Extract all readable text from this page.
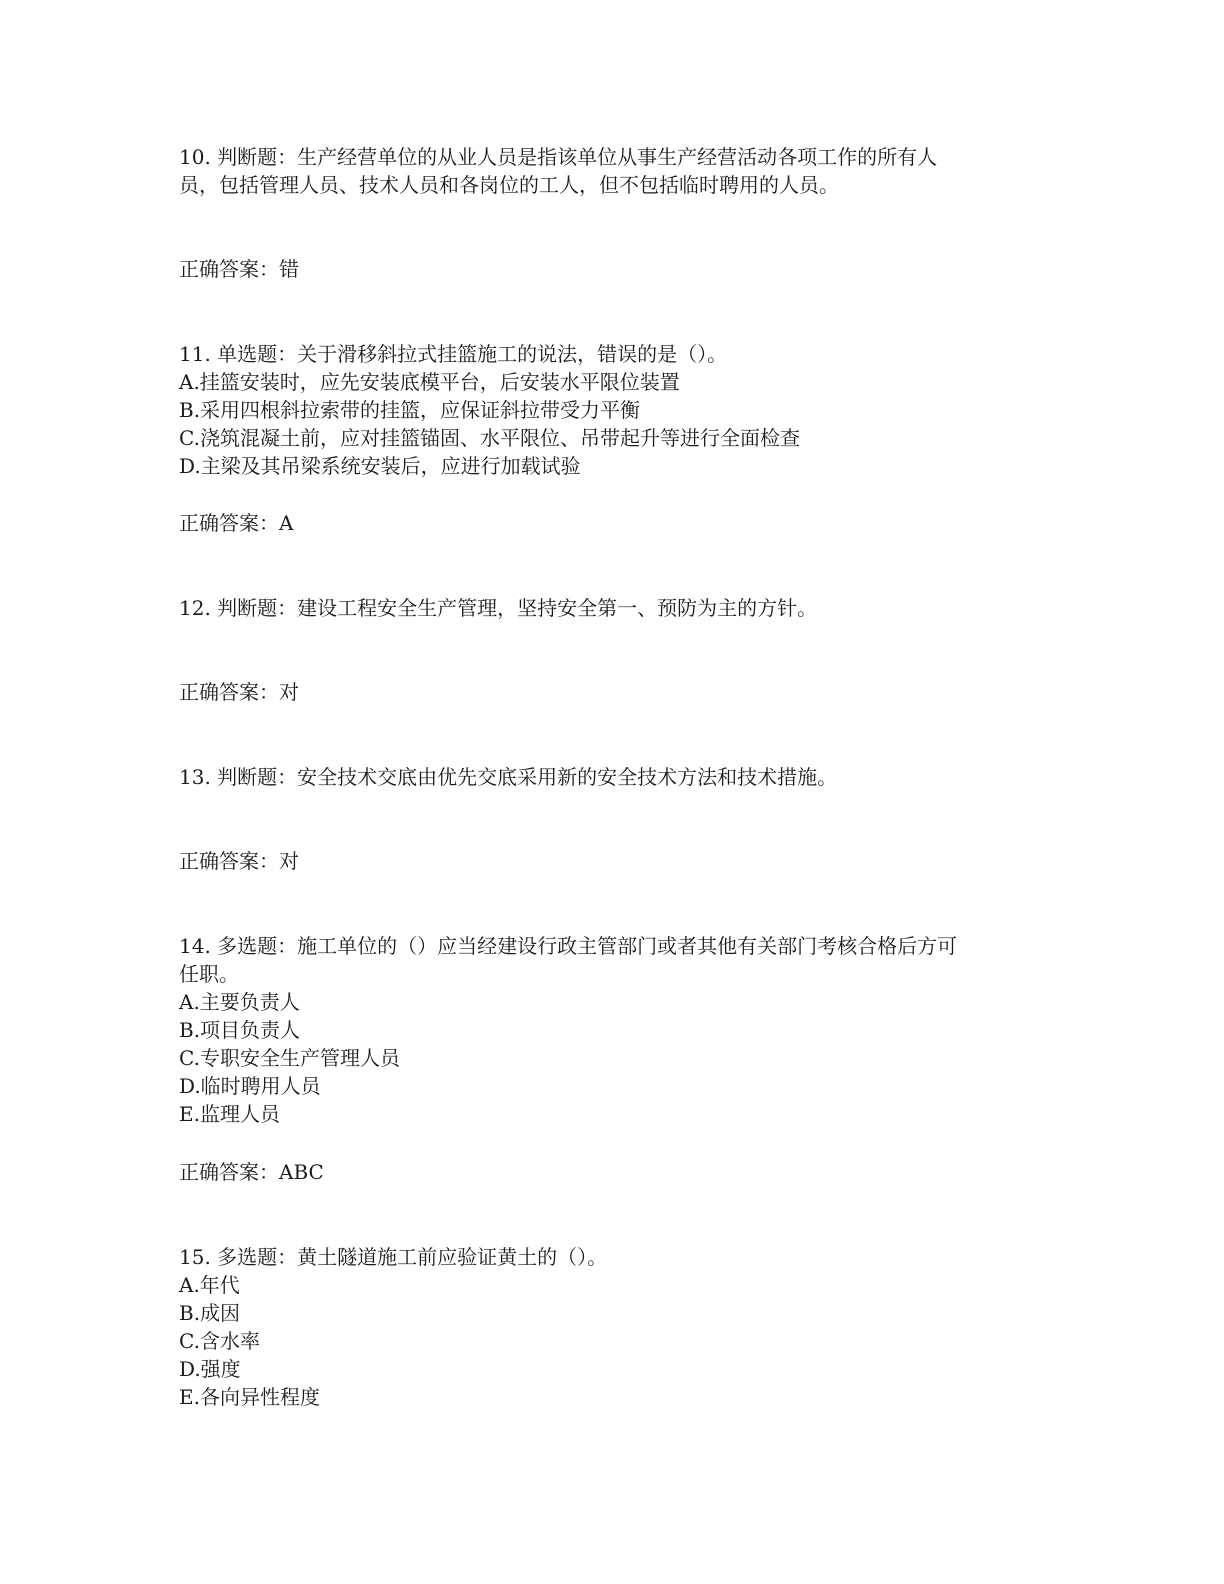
10. 判断题：生产经营单位的从业人员是指该单位从事生产经营活动各项工作的所有人
员，包括管理人员、技术人员和各岗位的工人，但不包括临时聘用的人员。
正确答案：错
11. 单选题：关于滑移斜拉式挂篮施工的说法，错误的是（）。
A.挂篮安装时，应先安装底模平台，后安装水平限位装置
B.采用四根斜拉索带的挂篮，应保证斜拉带受力平衡
C.浇筑混凝土前，应对挂篮锚固、水平限位、吊带起升等进行全面检查
D.主梁及其吊梁系统安装后，应进行加载试验
正确答案：A
12. 判断题：建设工程安全生产管理，坚持安全第一、预防为主的方针。
正确答案：对
13. 判断题：安全技术交底由优先交底采用新的安全技术方法和技术措施。
正确答案：对
14. 多选题：施工单位的（）应当经建设行政主管部门或者其他有关部门考核合格后方可
任职。
A.主要负责人
B.项目负责人
C.专职安全生产管理人员
D.临时聘用人员
E.监理人员
正确答案：ABC
15. 多选题：黄土隧道施工前应验证黄土的（）。
A.年代
B.成因
C.含水率
D.强度
E.各向异性程度
